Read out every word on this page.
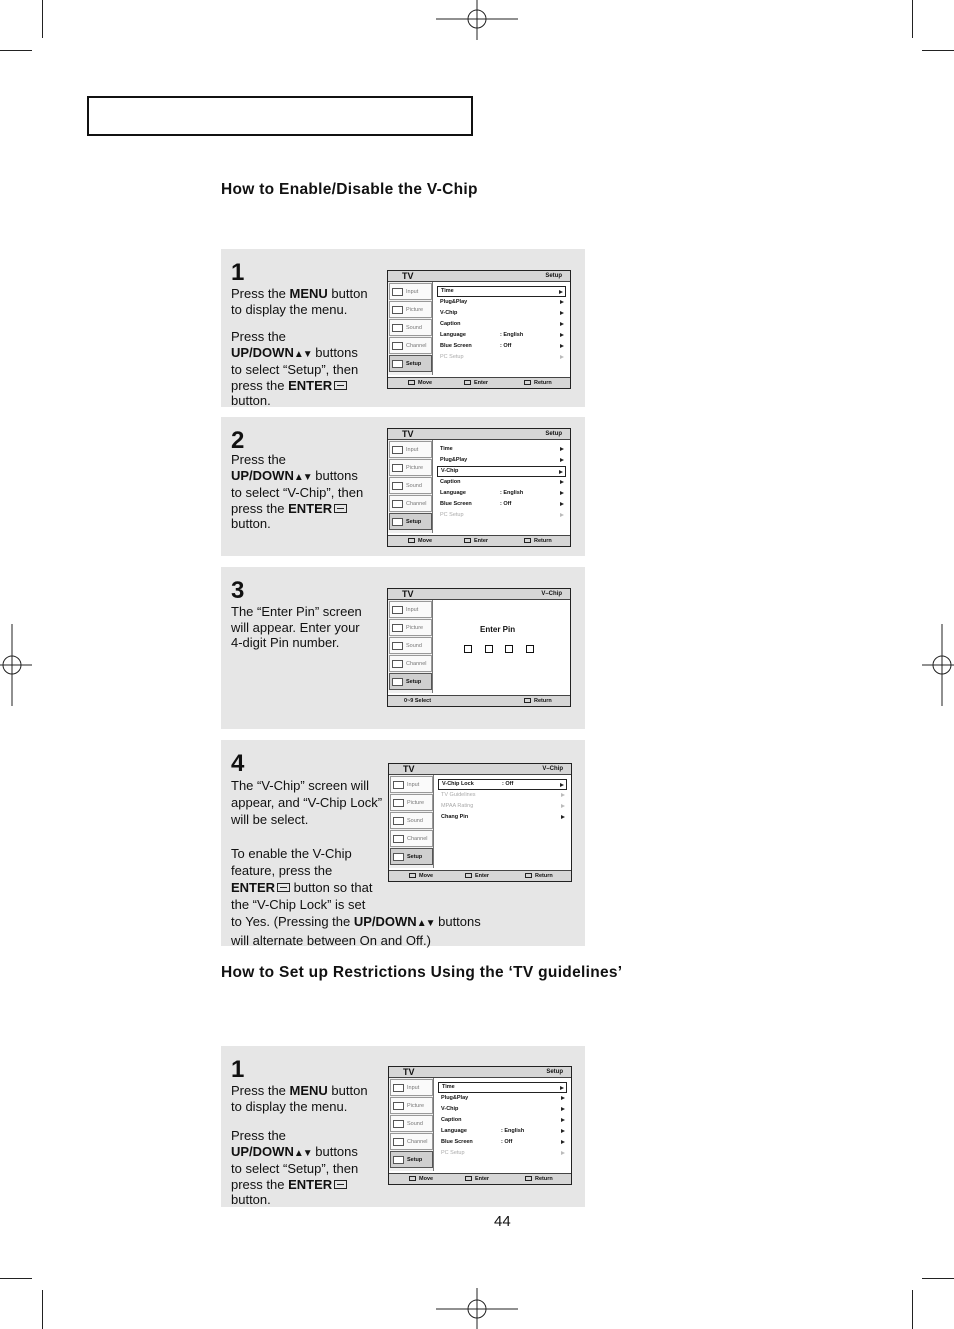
How to Enable/Disable the V-Chip
1

Press the MENU button

to display the menu.

Press the

UP/DOWN▲▼ buttons

to select “Setup”, then

press the ENTER

button.

TV	Setup
Input
Picture
Sound
Channel
Setup
Time
Plug&Play
V-Chip
Caption
Language	: English
Blue Screen	: Off
PC Setup
Move	Enter	Return
2

Press the

UP/DOWN▲▼ buttons

to select “V-Chip”, then

press the ENTER

button.

TV	Setup
Input
Picture
Sound
Channel
Setup
Time
Plug&Play
V-Chip
Caption
Language	: English
Blue Screen	: Off
PC Setup
Move	Enter	Return
3

The “Enter Pin” screen

will appear. Enter your

4-digit Pin number.

TV	V–Chip
Input
Picture
Sound
Channel
Setup
Enter Pin
0~9 Select	Return
4

The “V-Chip” screen will

appear, and “V-Chip Lock”

will be select.

To enable the V-Chip

feature, press the

ENTER button so that

the “V-Chip Lock” is set

to Yes. (Pressing the UP/DOWN▲▼ buttons

will alternate between On and Off.)

TV	V–Chip
Input
Picture
Sound
Channel
Setup
V-Chip Lock	: Off
TV Guidelines
MPAA Rating
Chang Pin
Move	Enter	Return
How to Set up Restrictions Using the ‘TV guidelines’
1

Press the MENU button

to display the menu.

Press the

UP/DOWN▲▼ buttons

to select “Setup”, then

press the ENTER

button.

TV	Setup
Input
Picture
Sound
Channel
Setup
Time
Plug&Play
V-Chip
Caption
Language	: English
Blue Screen	: Off
PC Setup
Move	Enter	Return
44
